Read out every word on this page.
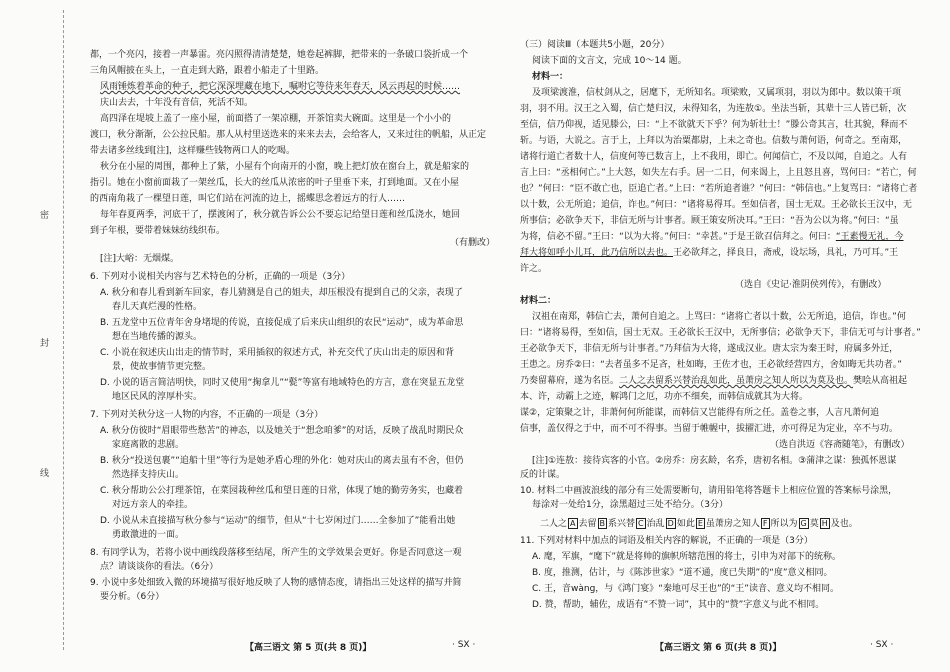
密
封
线
都，一个亮闪，接着一声暴雷。亮闪照得清清楚楚，她卷起裤脚，把带来的一条破口袋折成一个
三角风帽披在头上，一直走到大路，跟着小船走了十里路。
风雨锤炼着革命的种子，把它深深埋藏在地下，嘱咐它等待来年春天，风云再起的时候……
庆山去去，十年没有音信，死活不知。
高四泽在堤坡上盖了一座小屋，前面搭了一架凉棚，开茶馆卖大碗面。这里是一个小小的
渡口，秋分渐渐，公公拉民船。那人从村里送选来的来来去去，会给客人，又来过往的帆船，从正定
带去诸多丝线到[注]，这样赚些钱物两口人的吃喝。
秋分在小屋的周围，都种上了紫，小屋有个向南开的小窗，晚上把灯放在窗台上，就是船家的
指引。她在小窗前面栽了一架丝瓜，长大的丝瓜从浓密的叶子里垂下来，打到地面。又在小屋
的西南角栽了一棵望日莲，叫它们站在河流的边上，摇蝶思念着远方的行人……
每年春夏两季，河底干了，摆渡闲了，秋分就告诉公公不要忘记给望日莲和丝瓜浇水，她回
到子年根，要带着妹妹纺线织布。
（有删改）
[注]大峪：无烟煤。
6. 下列对小说相关内容与艺术特色的分析，正确的一项是（3分）
A. 秋分和春儿看到新车回家，春儿猜测是自己的姐夫，却压根没有提到自己的父亲，表现了
春儿天真烂漫的性格。
B. 五龙堂中五位青年舍身堵堤的传说，直接促成了后来庆山组织的农民“运动”，成为革命思
想在当地传播的源头。
C. 小说在叙述庆山出走的情节时，采用插叙的叙述方式，补充交代了庆山出走的原因和背
景，使故事情节更完整。
D. 小说的语言简洁明快，同时又使用“掬拿儿”“甏”等富有地域特色的方言，意在突显五龙堂
地区民风的淳厚朴实。
7. 下列对关秋分这一人物的内容，不正确的一项是（3分）
A. 秋分仿彼时“眉眼带些愁苦”的神态，以及她关于“想念咱爹”的对话，反映了战乱时期民众
家庭离散的悲剧。
B. 秋分“投送包裹”“追船十里”等行为是她矛盾心理的外化：她对庆山的离去虽有不舍，但仍
然选择支持庆山。
C. 秋分帮助公公打理茶馆，在菜园栽种丝瓜和望日莲的日常，体现了她的勤劳务实，也藏着
对远方亲人的牵挂。
D. 小说从未直接描写秋分参与“运动”的细节，但从“十七岁闲过门……全参加了”能看出她
勇敢激进的一面。
8. 有同学认为，若将小说中画线段落移至结尾，所产生的文学效果会更好。你是否同意这一观
点？请谈谈你的看法。（6分）
9. 小说中多处细致入微的环境描写很好地反映了人物的感情态度，请指出三处这样的描写并简
要分析。（6分）
【高三语文 第 5 页(共 8 页)】	· SX ·
（三）阅读Ⅲ（本题共5小题，20分）
阅读下面的文言文，完成 10～14 题。
材料一：
及项梁渡淮，信杖剑从之，居麾下，无所知名。项梁败，又属项羽，羽以为郎中。数以策干项
羽，羽不用。汉王之入蜀，信亡楚归汉，未得知名，为连敖①。坐法当斩，其辈十三人皆已斩，次
至信，信乃仰视，适见滕公，曰：“上不欲就天下乎？何为斩壮士！”滕公奇其言，壮其貌，释而不
斩。与语，大说之。言于上，上拜以为治粟都尉，上未之奇也。信数与萧何语，何奇之。至南郑，
诸将行道亡者数十人，信度何等已数言上，上不我用，即亡。何闻信亡，不及以闻，自追之。人有
言上曰：“丞相何亡。”上大怒，如失左右手。居一二日，何来谒上，上且怒且喜，骂何曰：“若亡，何
也？”何曰：“臣不敢亡也，臣追亡者。”上曰：“若所追者谁？”何曰：“韩信也。”上复骂曰：“诸将亡者
以十数，公无所追；追信，诈也。”何曰：“诸将易得耳。至如信者，国士无双。王必欲长王汉中，无
所事信；必欲争天下，非信无所与计事者。顾王策安所决耳。”王曰：“吾为公以为将。”何曰：“虽
为将，信必不留。”王曰：“以为大将。”何曰：“幸甚。”于是王欲召信拜之。何曰：“王素慢无礼，今
拜大将如呼小儿耳，此乃信所以去也。王必欲拜之，择良日，斋戒，设坛场，具礼，乃可耳。”王
许之。
（选自《史记·淮阴侯列传》，有删改）
材料二：
汉祖在南郑，韩信亡去，萧何自追之。上骂曰：“诸将亡者以十数，公无所追，追信，诈也。”何
曰：“诸将易得，至如信，国士无双。王必欲长王汉中，无所事信；必欲争天下，非信无可与计事者。”
王必欲争天下，非信无所与计事者。”乃拜信为大将，遂成汉业。唐太宗为秦王时，府属多外迁，
王患之。房乔②曰：“去者虽多不足吝，杜如晦，王佐才也，王必欲经营四方，舍如晦无共功者。”
乃奏留幕府，遂为名臣。二人之去留系兴替治乱如此，虽萧房之知人所以为莫及也。樊哙从高祖起
本、许，动霸上之迹，解鸿门之厄，功亦不细矣，而韩信成就其为大将。
谋②，定策聚之计，非萧何何所能谋，而韩信又岂能得有所之任。盖卷之事，人言凡萧何追
信事，盖仅得之于中，而不可不得事。当留于帷幄中，拔擢汇进，亦可得足为定业，卒不与功。
（选自洪迈《容斋随笔》，有删改）
[注]①连敖：接待宾客的小官。②房乔：房玄龄，名乔，唐初名相。③蒲津之谋：独孤怀恩谋
反的计谋。
10. 材料二中画波浪线的部分有三处需要断句，请用铅笔将答题卡上相应位置的答案标号涂黑，
每涂对一处给1分，涂黑超过三处不给分。（3分）
二人之 A 去留 B 系兴替 C 治乱 D 如此 E 虽萧房之知人 F 所以为 G 莫 H 及也。
11. 下列对材料中加点的词语及相关内容的解说，不正确的一项是（3分）
A. 麾，军旗，“麾下”就是将帅的旗帜所辖范围的将士，引申为对部下的统称。
B. 度，推测，估计，与《陈涉世家》“道不通，度已失期”的“度”意义相同。
C. 王，音wàng，与《鸿门宴》“秦地可尽王也”的“王”读音、意义均不相同。
D. 赞，帮助，辅佐，成语有“不赞一词”，其中的“赞”字意义与此不相同。
【高三语文 第 6 页(共 8 页)】	· SX ·
